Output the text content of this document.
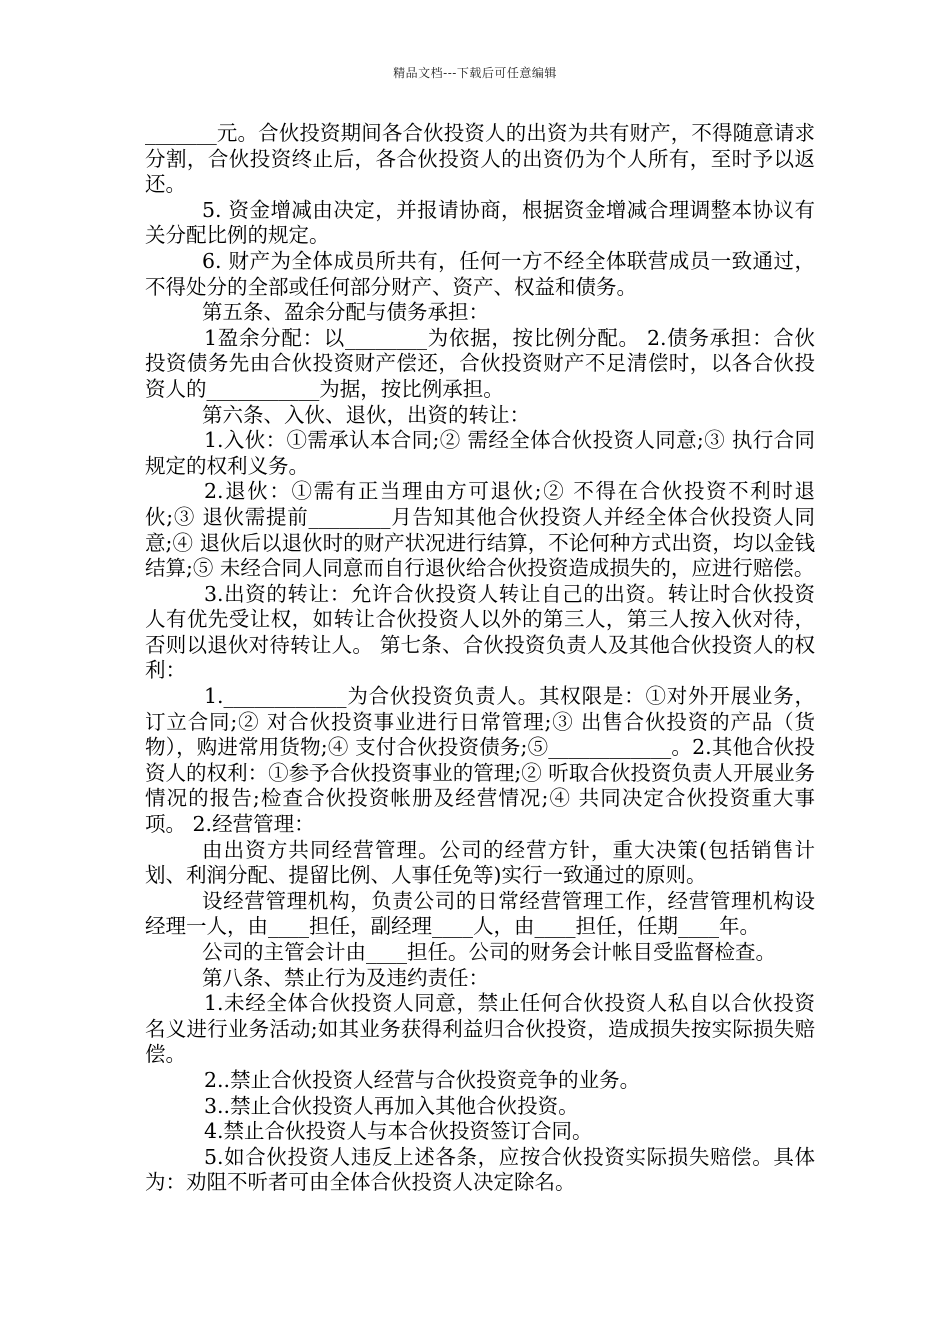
精品文档---下载后可任意编辑

_______元。合伙投资期间各合伙投资人的出资为共有财产，不得随意请求分割，合伙投资终止后，各合伙投资人的出资仍为个人所有，至时予以返还。

5. 资金增减由决定，并报请协商，根据资金增减合理调整本协议有关分配比例的规定。

6. 财产为全体成员所共有，任何一方不经全体联营成员一致通过，不得处分的全部或任何部分财产、资产、权益和债务。

第五条、盈余分配与债务承担：

1盈余分配：以________为依据，按比例分配。 2.债务承担：合伙投资债务先由合伙投资财产偿还，合伙投资财产不足清偿时，以各合伙投资人的___________为据，按比例承担。

第六条、入伙、退伙，出资的转让：

1.入伙：①需承认本合同;② 需经全体合伙投资人同意;③ 执行合同规定的权利义务。

2.退伙：①需有正当理由方可退伙;② 不得在合伙投资不利时退伙;③ 退伙需提前________月告知其他合伙投资人并经全体合伙投资人同意;④ 退伙后以退伙时的财产状况进行结算，不论何种方式出资，均以金钱结算;⑤ 未经合同人同意而自行退伙给合伙投资造成损失的，应进行赔偿。

3.出资的转让：允许合伙投资人转让自己的出资。转让时合伙投资人有优先受让权，如转让合伙投资人以外的第三人，第三人按入伙对待，否则以退伙对待转让人。 第七条、合伙投资负责人及其他合伙投资人的权利：

1.____________为合伙投资负责人。其权限是：①对外开展业务，订立合同;② 对合伙投资事业进行日常管理;③ 出售合伙投资的产品（货物），购进常用货物;④ 支付合伙投资债务;⑤____________。2.其他合伙投资人的权利：①参予合伙投资事业的管理;② 听取合伙投资负责人开展业务情况的报告;检查合伙投资帐册及经营情况;④ 共同决定合伙投资重大事项。 2.经营管理：

由出资方共同经营管理。公司的经营方针，重大决策(包括销售计划、利润分配、提留比例、人事任免等)实行一致通过的原则。

设经营管理机构，负责公司的日常经营管理工作，经营管理机构设经理一人，由____担任，副经理____人，由____担任，任期____年。

公司的主管会计由____担任。公司的财务会计帐目受监督检查。

第八条、禁止行为及违约责任：

1.未经全体合伙投资人同意，禁止任何合伙投资人私自以合伙投资名义进行业务活动;如其业务获得利益归合伙投资，造成损失按实际损失赔偿。

2..禁止合伙投资人经营与合伙投资竞争的业务。

3..禁止合伙投资人再加入其他合伙投资。

4.禁止合伙投资人与本合伙投资签订合同。

5.如合伙投资人违反上述各条，应按合伙投资实际损失赔偿。具体为：劝阻不听者可由全体合伙投资人决定除名。
